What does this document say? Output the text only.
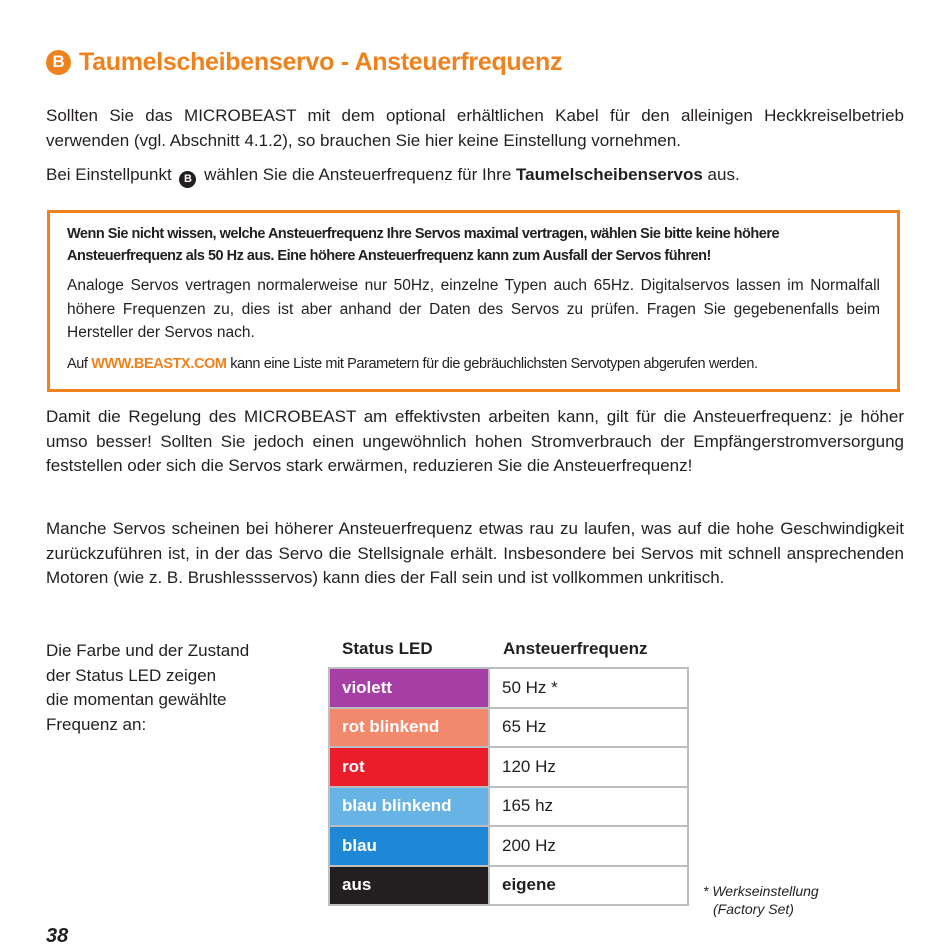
B Taumelscheibenservo - Ansteuerfrequenz

Sollten Sie das MICROBEAST mit dem optional erhältlichen Kabel für den alleinigen Heckkreiselbetrieb verwenden (vgl. Abschnitt 4.1.2), so brauchen Sie hier keine Einstellung vornehmen.

Bei Einstellpunkt B wählen Sie die Ansteuerfrequenz für Ihre Taumelscheibenservos aus.

Wenn Sie nicht wissen, welche Ansteuerfrequenz Ihre Servos maximal vertragen, wählen Sie bitte keine höhere Ansteuerfrequenz als 50 Hz aus. Eine höhere Ansteuerfrequenz kann zum Ausfall der Servos führen!

Analoge Servos vertragen normalerweise nur 50Hz, einzelne Typen auch 65Hz. Digitalservos lassen im Normalfall höhere Frequenzen zu, dies ist aber anhand der Daten des Servos zu prüfen. Fragen Sie gegebenenfalls beim Hersteller der Servos nach.

Auf WWW.BEASTX.COM kann eine Liste mit Parametern für die gebräuchlichsten Servotypen abgerufen werden.

Damit die Regelung des MICROBEAST am effektivsten arbeiten kann, gilt für die Ansteuerfrequenz: je höher umso besser! Sollten Sie jedoch einen ungewöhnlich hohen Stromverbrauch der Empfängerstromversorgung feststellen oder sich die Servos stark erwärmen, reduzieren Sie die Ansteuerfrequenz!

Manche Servos scheinen bei höherer Ansteuerfrequenz etwas rau zu laufen, was auf die hohe Geschwindigkeit zurückzuführen ist, in der das Servo die Stellsignale erhält. Insbesondere bei Servos mit schnell ansprechenden Motoren (wie z. B. Brushlessservos) kann dies der Fall sein und ist vollkommen unkritisch.

Die Farbe und der Zustand
der Status LED zeigen
die momentan gewählte
Frequenz an:
Status LED	Ansteuerfrequenz
violett	50 Hz *
rot blinkend	65 Hz
rot	120 Hz
blau blinkend	165 hz
blau	200 Hz
aus	eigene	* Werkseinstellung
(Factory Set)
38
